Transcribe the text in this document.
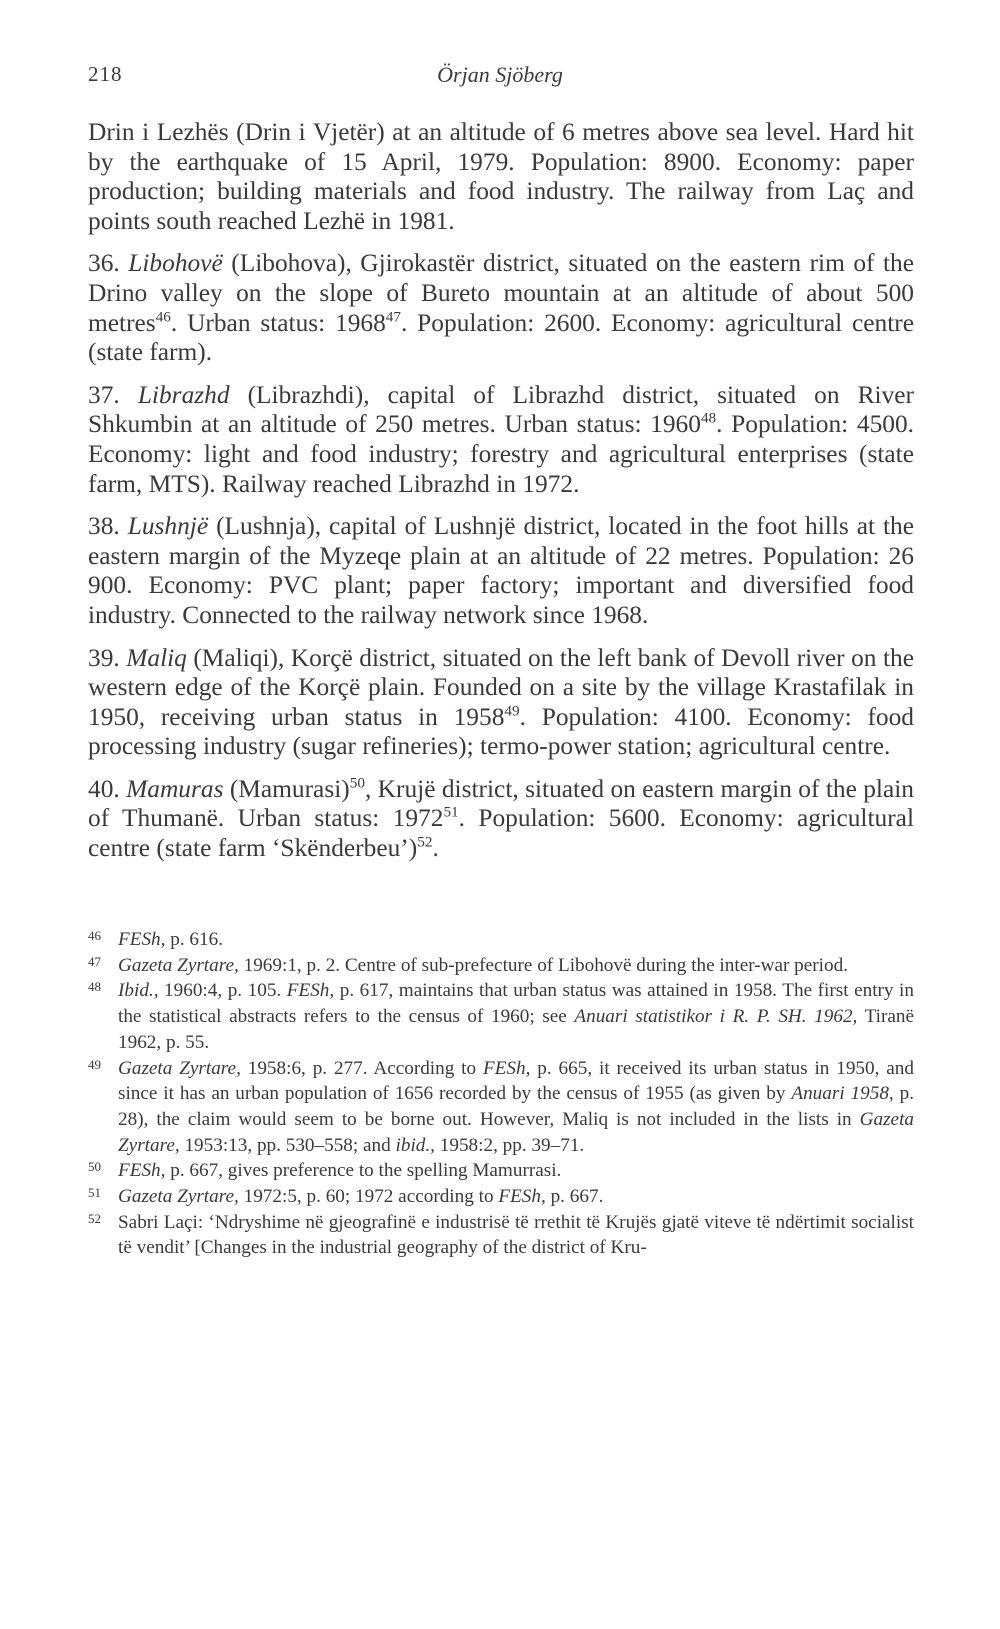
218	Örjan Sjöberg

Drin i Lezhës (Drin i Vjetër) at an altitude of 6 metres above sea level. Hard hit by the earthquake of 15 April, 1979. Population: 8900. Economy: paper production; building materials and food industry. The railway from Laç and points south reached Lezhë in 1981.

36. Libohovë (Libohova), Gjirokastër district, situated on the eastern rim of the Drino valley on the slope of Bureto mountain at an altitude of about 500 metres$^{46}$. Urban status: 1968$^{47}$. Population: 2600. Economy: agricultural centre (state farm).

37. Librazhd (Librazhdi), capital of Librazhd district, situated on River Shkumbin at an altitude of 250 metres. Urban status: 1960$^{48}$. Population: 4500. Economy: light and food industry; forestry and agricultural enterprises (state farm, MTS). Railway reached Librazhd in 1972.

38. Lushnjë (Lushnja), capital of Lushnjë district, located in the foot hills at the eastern margin of the Myzeqe plain at an altitude of 22 metres. Population: 26 900. Economy: PVC plant; paper factory; important and diversified food industry. Connected to the railway network since 1968.

39. Maliq (Maliqi), Korçë district, situated on the left bank of Devoll river on the western edge of the Korçë plain. Founded on a site by the village Krastafilak in 1950, receiving urban status in 1958$^{49}$. Population: 4100. Economy: food processing industry (sugar refineries); termo-power station; agricultural centre.

40. Mamuras (Mamurasi)$^{50}$, Krujë district, situated on eastern margin of the plain of Thumanë. Urban status: 1972$^{51}$. Population: 5600. Economy: agricultural centre (state farm ‘Skënderbeu’)$^{52}$.

46 FESh, p. 616.
47 Gazeta Zyrtare, 1969:1, p. 2. Centre of sub-prefecture of Libohovë during the inter-war period.
48 Ibid., 1960:4, p. 105. FESh, p. 617, maintains that urban status was attained in 1958. The first entry in the statistical abstracts refers to the census of 1960; see Anuari statistikor i R. P. SH. 1962, Tiranë 1962, p. 55.
49 Gazeta Zyrtare, 1958:6, p. 277. According to FESh, p. 665, it received its urban status in 1950, and since it has an urban population of 1656 recorded by the census of 1955 (as given by Anuari 1958, p. 28), the claim would seem to be borne out. However, Maliq is not included in the lists in Gazeta Zyrtare, 1953:13, pp. 530–558; and ibid., 1958:2, pp. 39–71.
50 FESh, p. 667, gives preference to the spelling Mamurrasi.
51 Gazeta Zyrtare, 1972:5, p. 60; 1972 according to FESh, p. 667.
52 Sabri Laçi: ‘Ndryshime në gjeografinë e industrisë të rrethit të Krujës gjatë viteve të ndërtimit socialist të vendit’ [Changes in the industrial geography of the district of Kru-
